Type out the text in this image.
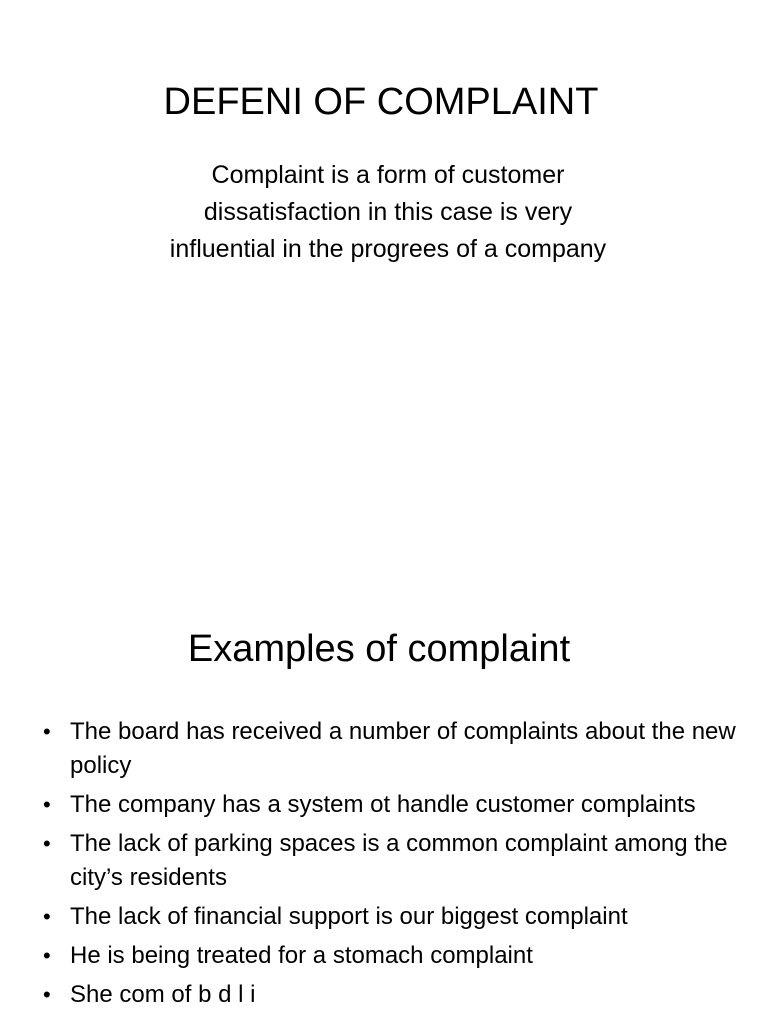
DEFENI OF COMPLAINT
Complaint is a form of customer
dissatisfaction in this case is very
influential in the progrees of a company
Examples of complaint
• The board has received a number of complaints about the new policy
• The company has a system ot handle customer complaints
• The lack of parking spaces is a common complaint among the city’s residents
• The lack of financial support is our biggest complaint
• He is being treated for a stomach complaint
• She com of b d l i
